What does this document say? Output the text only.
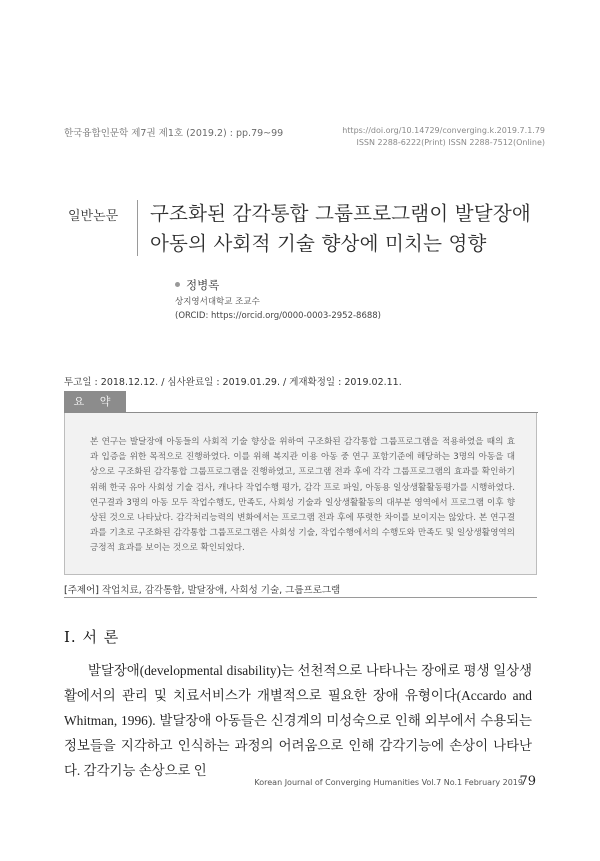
한국융합인문학 제7권 제1호 (2019.2) : pp.79~99	https://doi.org/10.14729/converging.k.2019.7.1.79
ISSN 2288-6222(Print) ISSN 2288-7512(Online)
일반논문 구조화된 감각통합 그룹프로그램이 발달장애
아동의 사회적 기술 향상에 미치는 영향
정병록
상지영서대학교 조교수
(ORCID: https://orcid.org/0000-0003-2952-8688)
투고일 : 2018.12.12. / 심사완료일 : 2019.01.29. / 게재확정일 : 2019.02.11.
요 약
본 연구는 발달장애 아동들의 사회적 기술 향상을 위하여 구조화된 감각통합 그룹프로그램을 적용하였을 때의 효과 입증을 위한 목적으로 진행하였다. 이를 위해 복지관 이용 아동 중 연구 포함기준에 해당하는 3명의 아동을 대상으로 구조화된 감각통합 그룹프로그램을 진행하였고, 프로그램 전과 후에 각각 그룹프로그램의 효과를 확인하기 위해 한국 유아 사회성 기술 검사, 캐나다 작업수행 평가, 감각 프로 파일, 아동용 일상생활활동평가를 시행하였다. 연구결과 3명의 아동 모두 작업수행도, 만족도, 사회성 기술과 일상생활활동의 대부분 영역에서 프로그램 이후 향상된 것으로 나타났다. 감각처리능력의 변화에서는 프로그램 전과 후에 뚜렷한 차이를 보이지는 않았다. 본 연구결과를 기초로 구조화된 감각통합 그룹프로그램은 사회성 기술, 작업수행에서의 수행도와 만족도 및 일상생활영역의 긍정적 효과를 보이는 것으로 확인되었다.
[주제어] 작업치료, 감각통합, 발달장애, 사회성 기술, 그룹프로그램
I. 서 론

발달장애(developmental disability)는 선천적으로 나타나는 장애로 평생 일상생활에서의 관리 및 치료서비스가 개별적으로 필요한 장애 유형이다(Accardo and Whitman, 1996). 발달장애 아동들은 신경계의 미성숙으로 인해 외부에서 수용되는 정보들을 지각하고 인식하는 과정의 어려움으로 인해 감각기능에 손상이 나타난다. 감각기능 손상으로 인

Korean Journal of Converging Humanities Vol.7 No.1 February 2019
79
